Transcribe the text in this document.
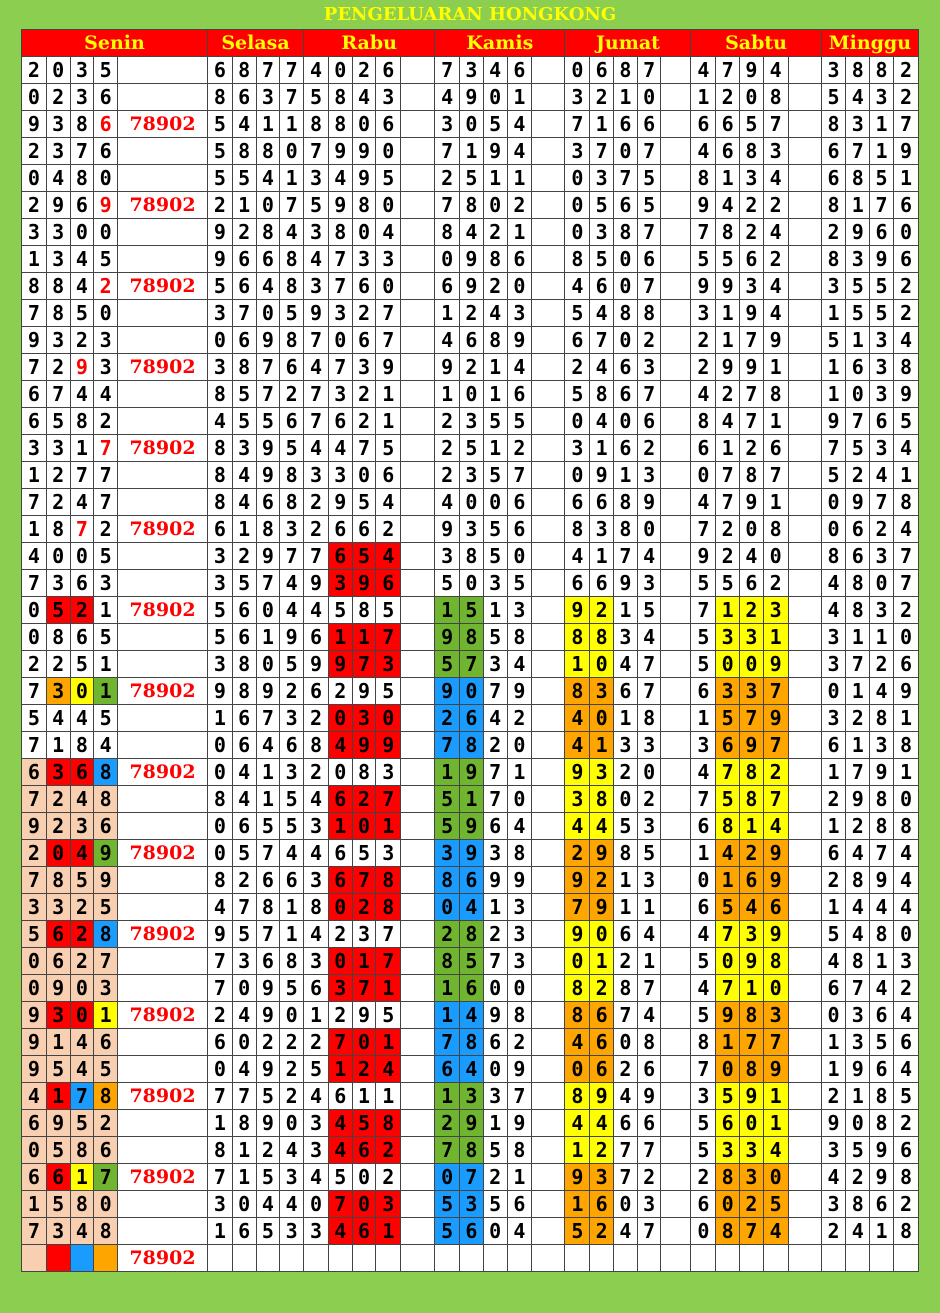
PENGELUARAN HONGKONG
Senin					Selasa				Rabu					Kamis					Jumat					Sabtu					Minggu			
2	0	3	5		6	8	7	7	4	0	2	6		7	3	4	6		0	6	8	7		4	7	9	4		3	8	8	2
0	2	3	6		8	6	3	7	5	8	4	3		4	9	0	1		3	2	1	0		1	2	0	8		5	4	3	2
9	3	8	6	78902	5	4	1	1	8	8	0	6		3	0	5	4		7	1	6	6		6	6	5	7		8	3	1	7
2	3	7	6		5	8	8	0	7	9	9	0		7	1	9	4		3	7	0	7		4	6	8	3		6	7	1	9
0	4	8	0		5	5	4	1	3	4	9	5		2	5	1	1		0	3	7	5		8	1	3	4		6	8	5	1
2	9	6	9	78902	2	1	0	7	5	9	8	0		7	8	0	2		0	5	6	5		9	4	2	2		8	1	7	6
3	3	0	0		9	2	8	4	3	8	0	4		8	4	2	1		0	3	8	7		7	8	2	4		2	9	6	0
1	3	4	5		9	6	6	8	4	7	3	3		0	9	8	6		8	5	0	6		5	5	6	2		8	3	9	6
8	8	4	2	78902	5	6	4	8	3	7	6	0		6	9	2	0		4	6	0	7		9	9	3	4		3	5	5	2
7	8	5	0		3	7	0	5	9	3	2	7		1	2	4	3		5	4	8	8		3	1	9	4		1	5	5	2
9	3	2	3		0	6	9	8	7	0	6	7		4	6	8	9		6	7	0	2		2	1	7	9		5	1	3	4
7	2	9	3	78902	3	8	7	6	4	7	3	9		9	2	1	4		2	4	6	3		2	9	9	1		1	6	3	8
6	7	4	4		8	5	7	2	7	3	2	1		1	0	1	6		5	8	6	7		4	2	7	8		1	0	3	9
6	5	8	2		4	5	5	6	7	6	2	1		2	3	5	5		0	4	0	6		8	4	7	1		9	7	6	5
3	3	1	7	78902	8	3	9	5	4	4	7	5		2	5	1	2		3	1	6	2		6	1	2	6		7	5	3	4
1	2	7	7		8	4	9	8	3	3	0	6		2	3	5	7		0	9	1	3		0	7	8	7		5	2	4	1
7	2	4	7		8	4	6	8	2	9	5	4		4	0	0	6		6	6	8	9		4	7	9	1		0	9	7	8
1	8	7	2	78902	6	1	8	3	2	6	6	2		9	3	5	6		8	3	8	0		7	2	0	8		0	6	2	4
4	0	0	5		3	2	9	7	7	6	5	4		3	8	5	0		4	1	7	4		9	2	4	0		8	6	3	7
7	3	6	3		3	5	7	4	9	3	9	6		5	0	3	5		6	6	9	3		5	5	6	2		4	8	0	7
0	5	2	1	78902	5	6	0	4	4	5	8	5		1	5	1	3		9	2	1	5		7	1	2	3		4	8	3	2
0	8	6	5		5	6	1	9	6	1	1	7		9	8	5	8		8	8	3	4		5	3	3	1		3	1	1	0
2	2	5	1		3	8	0	5	9	9	7	3		5	7	3	4		1	0	4	7		5	0	0	9		3	7	2	6
7	3	0	1	78902	9	8	9	2	6	2	9	5		9	0	7	9		8	3	6	7		6	3	3	7		0	1	4	9
5	4	4	5		1	6	7	3	2	0	3	0		2	6	4	2		4	0	1	8		1	5	7	9		3	2	8	1
7	1	8	4		0	6	4	6	8	4	9	9		7	8	2	0		4	1	3	3		3	6	9	7		6	1	3	8
6	3	6	8	78902	0	4	1	3	2	0	8	3		1	9	7	1		9	3	2	0		4	7	8	2		1	7	9	1
7	2	4	8		8	4	1	5	4	6	2	7		5	1	7	0		3	8	0	2		7	5	8	7		2	9	8	0
9	2	3	6		0	6	5	5	3	1	0	1		5	9	6	4		4	4	5	3		6	8	1	4		1	2	8	8
2	0	4	9	78902	0	5	7	4	4	6	5	3		3	9	3	8		2	9	8	5		1	4	2	9		6	4	7	4
7	8	5	9		8	2	6	6	3	6	7	8		8	6	9	9		9	2	1	3		0	1	6	9		2	8	9	4
3	3	2	5		4	7	8	1	8	0	2	8		0	4	1	3		7	9	1	1		6	5	4	6		1	4	4	4
5	6	2	8	78902	9	5	7	1	4	2	3	7		2	8	2	3		9	0	6	4		4	7	3	9		5	4	8	0
0	6	2	7		7	3	6	8	3	0	1	7		8	5	7	3		0	1	2	1		5	0	9	8		4	8	1	3
0	9	0	3		7	0	9	5	6	3	7	1		1	6	0	0		8	2	8	7		4	7	1	0		6	7	4	2
9	3	0	1	78902	2	4	9	0	1	2	9	5		1	4	9	8		8	6	7	4		5	9	8	3		0	3	6	4
9	1	4	6		6	0	2	2	2	7	0	1		7	8	6	2		4	6	0	8		8	1	7	7		1	3	5	6
9	5	4	5		0	4	9	2	5	1	2	4		6	4	0	9		0	6	2	6		7	0	8	9		1	9	6	4
4	1	7	8	78902	7	7	5	2	4	6	1	1		1	3	3	7		8	9	4	9		3	5	9	1		2	1	8	5
6	9	5	2		1	8	9	0	3	4	5	8		2	9	1	9		4	4	6	6		5	6	0	1		9	0	8	2
0	5	8	6		8	1	2	4	3	4	6	2		7	8	5	8		1	2	7	7		5	3	3	4		3	5	9	6
6	6	1	7	78902	7	1	5	3	4	5	0	2		0	7	2	1		9	3	7	2		2	8	3	0		4	2	9	8
1	5	8	0		3	0	4	4	0	7	0	3		5	3	5	6		1	6	0	3		6	0	2	5		3	8	6	2
7	3	4	8		1	6	5	3	3	4	6	1		5	6	0	4		5	2	4	7		0	8	7	4		2	4	1	8
				78902																												
